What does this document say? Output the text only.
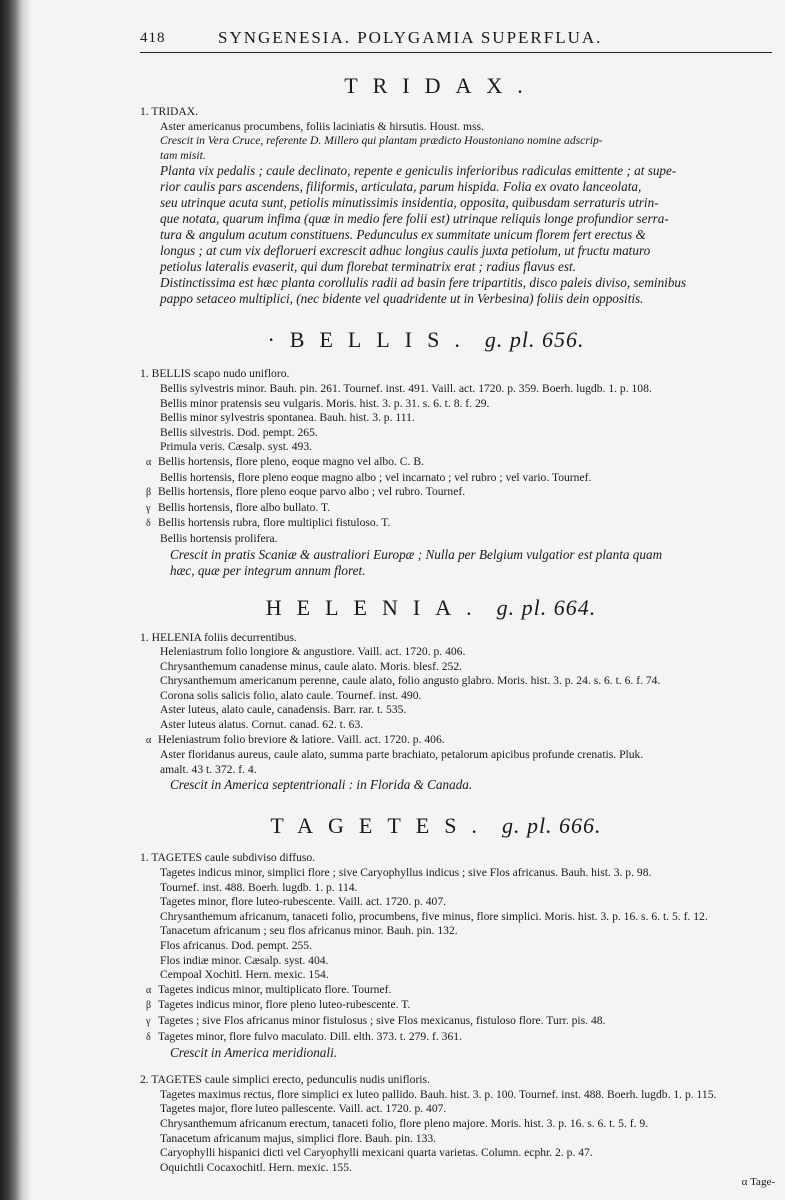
418	SYNGENESIA. POLYGAMIA SUPERFLUA.

TRIDAX.

1. TRIDAX.

Aster americanus procumbens, foliis laciniatis & hirsutis. Houst. mss.

Crescit in Vera Cruce, referente D. Millero qui plantam prædicto Houstoniano nomine adscrip-

tam misit.

Planta vix pedalis ; caule declinato, repente e geniculis inferioribus radiculas emittente ; at supe-

rior caulis pars ascendens, filiformis, articulata, parum hispida. Folia ex ovato lanceolata,

seu utrinque acuta sunt, petiolis minutissimis insidentia, opposita, quibusdam serraturis utrin-

que notata, quarum infima (quæ in medio fere folii est) utrinque reliquis longe profundior serra-

tura & angulum acutum constituens. Pedunculus ex summitate unicum florem fert erectus &

longus ; at cum vix deflorueri excrescit adhuc longius caulis juxta petiolum, ut fructu maturo

petiolus lateralis evaserit, qui dum florebat terminatrix erat ; radius flavus est.

Distinctissima est hæc planta corollulis radii ad basin fere tripartitis, disco paleis diviso, seminibus

pappo setaceo multiplici, (nec bidente vel quadridente ut in Verbesina) foliis dein oppositis.

·BELLIS. g. pl. 656.

1. BELLIS scapo nudo unifloro.

Bellis sylvestris minor. Bauh. pin. 261. Tournef. inst. 491. Vaill. act. 1720. p. 359. Boerh. lugdb. 1. p. 108.

Bellis minor pratensis seu vulgaris. Moris. hist. 3. p. 31. s. 6. t. 8. f. 29.

Bellis minor sylvestris spontanea. Bauh. hist. 3. p. 111.

Bellis silvestris. Dod. pempt. 265.

Primula veris. Cæsalp. syst. 493.

α Bellis hortensis, flore pleno, eoque magno vel albo. C. B.

Bellis hortensis, flore pleno eoque magno albo ; vel incarnato ; vel rubro ; vel vario. Tournef.

β Bellis hortensis, flore pleno eoque parvo albo ; vel rubro. Tournef.

γ Bellis hortensis, flore albo bullato. T.

δ Bellis hortensis rubra, flore multiplici fistuloso. T.

Bellis hortensis prolifera.

Crescit in pratis Scaniæ & australiori Europæ ; Nulla per Belgium vulgatior est planta quam

hæc, quæ per integrum annum floret.

HELENIA. g. pl. 664.

1. HELENIA foliis decurrentibus.

Heleniastrum folio longiore & angustiore. Vaill. act. 1720. p. 406.

Chrysanthemum canadense minus, caule alato. Moris. blesf. 252.

Chrysanthemum americanum perenne, caule alato, folio angusto glabro. Moris. hist. 3. p. 24. s. 6. t. 6. f. 74.

Corona solis salicis folio, alato caule. Tournef. inst. 490.

Aster luteus, alato caule, canadensis. Barr. rar. t. 535.

Aster luteus alatus. Cornut. canad. 62. t. 63.

α Heleniastrum folio breviore & latiore. Vaill. act. 1720. p. 406.

Aster floridanus aureus, caule alato, summa parte brachiato, petalorum apicibus profunde crenatis. Pluk.

amalt. 43 t. 372. f. 4.

Crescit in America septentrionali : in Florida & Canada.

TAGETES. g. pl. 666.

1. TAGETES caule subdiviso diffuso.

Tagetes indicus minor, simplici flore ; sive Caryophyllus indicus ; sive Flos africanus. Bauh. hist. 3. p. 98.

Tournef. inst. 488. Boerh. lugdb. 1. p. 114.

Tagetes minor, flore luteo-rubescente. Vaill. act. 1720. p. 407.

Chrysanthemum africanum, tanaceti folio, procumbens, five minus, flore simplici. Moris. hist. 3. p. 16. s. 6. t. 5. f. 12.

Tanacetum africanum ; seu flos africanus minor. Bauh. pin. 132.

Flos africanus. Dod. pempt. 255.

Flos indiæ minor. Cæsalp. syst. 404.

Cempoal Xochitl. Hern. mexic. 154.

α Tagetes indicus minor, multiplicato flore. Tournef.

β Tagetes indicus minor, flore pleno luteo-rubescente. T.

γ Tagetes ; sive Flos africanus minor fistulosus ; sive Flos mexicanus, fistuloso flore. Turr. pis. 48.

δ Tagetes minor, flore fulvo maculato. Dill. elth. 373. t. 279. f. 361.

Crescit in America meridionali.

2. TAGETES caule simplici erecto, pedunculis nudis unifloris.

Tagetes maximus rectus, flore simplici ex luteo pallido. Bauh. hist. 3. p. 100. Tournef. inst. 488. Boerh. lugdb. 1. p. 115.

Tagetes major, flore luteo pallescente. Vaill. act. 1720. p. 407.

Chrysanthemum africanum erectum, tanaceti folio, flore pleno majore. Moris. hist. 3. p. 16. s. 6. t. 5. f. 9.

Tanacetum africanum majus, simplici flore. Bauh. pin. 133.

Caryophylli hispanici dicti vel Caryophylli mexicani quarta varietas. Column. ecphr. 2. p. 47.

Oquichtli Cocaxochitl. Hern. mexic. 155.

α Tage-
